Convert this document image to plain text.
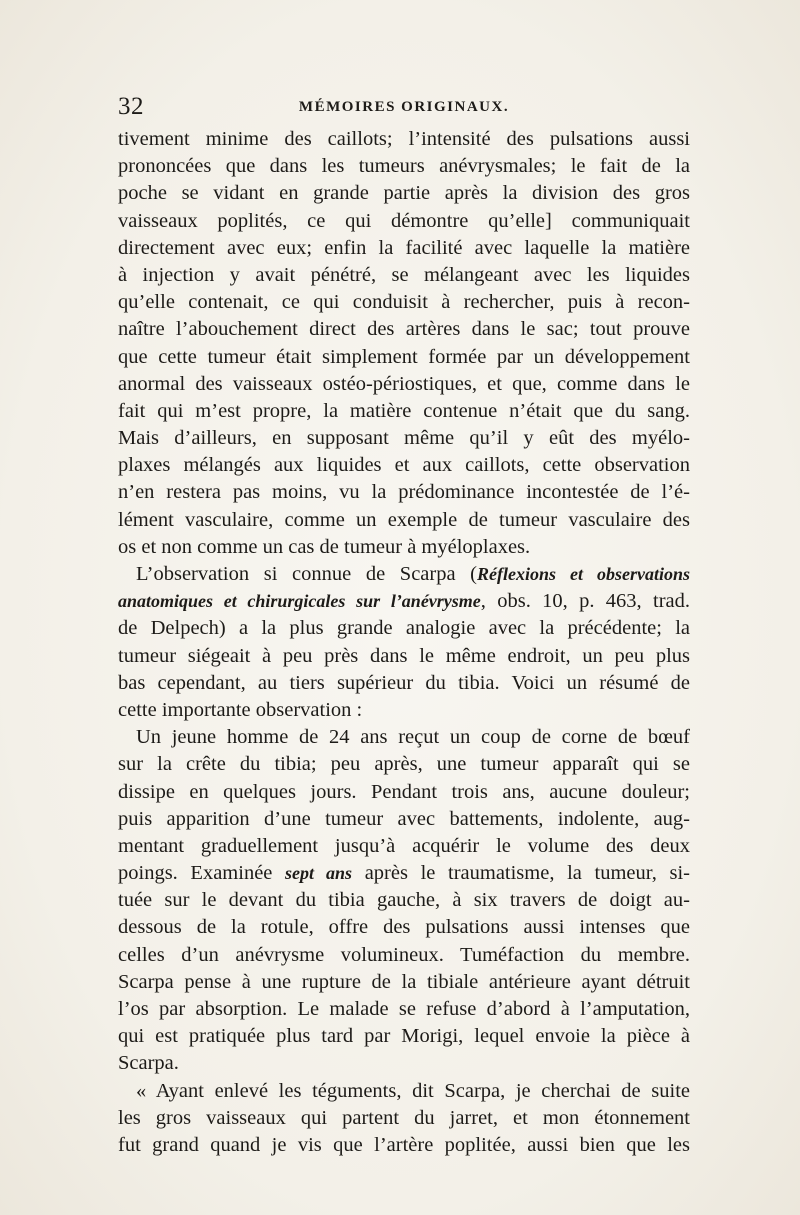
32	MÉMOIRES ORIGINAUX.
tivement minime des caillots; l’intensité des pulsations aussi
prononcées que dans les tumeurs anévrysmales; le fait de la
poche se vidant en grande partie après la division des gros
vaisseaux poplités, ce qui démontre qu’elle] communiquait
directement avec eux; enfin la facilité avec laquelle la matière
à injection y avait pénétré, se mélangeant avec les liquides
qu’elle contenait, ce qui conduisit à rechercher, puis à recon-
naître l’abouchement direct des artères dans le sac; tout prouve
que cette tumeur était simplement formée par un développement
anormal des vaisseaux ostéo-périostiques, et que, comme dans le
fait qui m’est propre, la matière contenue n’était que du sang.
Mais d’ailleurs, en supposant même qu’il y eût des myélo-
plaxes mélangés aux liquides et aux caillots, cette observation
n’en restera pas moins, vu la prédominance incontestée de l’é-
lément vasculaire, comme un exemple de tumeur vasculaire des
os et non comme un cas de tumeur à myéloplaxes.
L’observation si connue de Scarpa (Réflexions et observations
anatomiques et chirurgicales sur l’anévrysme, obs. 10, p. 463, trad.
de Delpech) a la plus grande analogie avec la précédente; la
tumeur siégeait à peu près dans le même endroit, un peu plus
bas cependant, au tiers supérieur du tibia. Voici un résumé de
cette importante observation :
Un jeune homme de 24 ans reçut un coup de corne de bœuf
sur la crête du tibia; peu après, une tumeur apparaît qui se
dissipe en quelques jours. Pendant trois ans, aucune douleur;
puis apparition d’une tumeur avec battements, indolente, aug-
mentant graduellement jusqu’à acquérir le volume des deux
poings. Examinée sept ans après le traumatisme, la tumeur, si-
tuée sur le devant du tibia gauche, à six travers de doigt au-
dessous de la rotule, offre des pulsations aussi intenses que
celles d’un anévrysme volumineux. Tuméfaction du membre.
Scarpa pense à une rupture de la tibiale antérieure ayant détruit
l’os par absorption. Le malade se refuse d’abord à l’amputation,
qui est pratiquée plus tard par Morigi, lequel envoie la pièce à
Scarpa.
« Ayant enlevé les téguments, dit Scarpa, je cherchai de suite
les gros vaisseaux qui partent du jarret, et mon étonnement
fut grand quand je vis que l’artère poplitée, aussi bien que les
